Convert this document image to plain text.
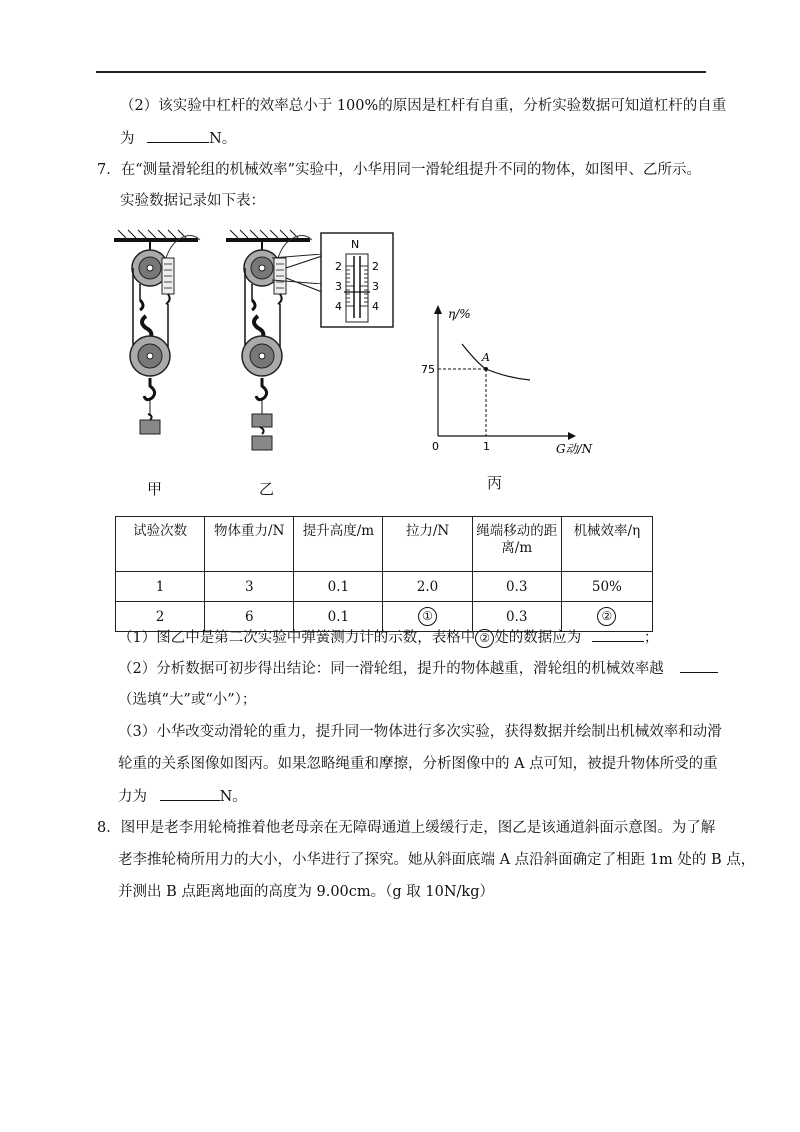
（2）该实验中杠杆的效率总小于 100%的原因是杠杆有自重，分析实验数据可知道杠杆的自重
为	N。
7．在“测量滑轮组的机械效率”实验中，小华用同一滑轮组提升不同的物体，如图甲、乙所示。
实验数据记录如下表：
N
2
3
4
2
3
4
η/%
G动/N
0	1
75
A
甲	乙	丙
试验次数	物体重力/N	提升高度/m	拉力/N	绳端移动的距离/m	机械效率/η
1	3	0.1	2.0	0.3	50%
2	6	0.1	①	0.3	②
（1）图乙中是第二次实验中弹簧测力计的示数，表格中 ② 处的数据应为	；
（2）分析数据可初步得出结论：同一滑轮组，提升的物体越重，滑轮组的机械效率越
（选填“大”或“小”）；
（3）小华改变动滑轮的重力，提升同一物体进行多次实验，获得数据并绘制出机械效率和动滑
轮重的关系图像如图丙。如果忽略绳重和摩擦，分析图像中的 A 点可知，被提升物体所受的重
力为	N。
8．图甲是老李用轮椅推着他老母亲在无障碍通道上缓缓行走，图乙是该通道斜面示意图。为了解
老李推轮椅所用力的大小，小华进行了探究。她从斜面底端 A 点沿斜面确定了相距 1m 处的 B 点，
并测出 B 点距离地面的高度为 9.00cm。（g 取 10N/kg）
